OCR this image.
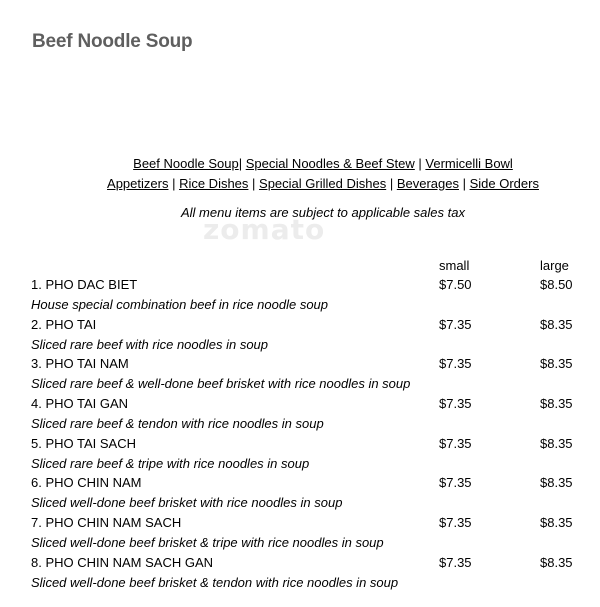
Beef Noodle Soup
Beef Noodle Soup| Special Noodles & Beef Stew | Vermicelli Bowl
Appetizers | Rice Dishes | Special Grilled Dishes | Beverages | Side Orders
zomato
All menu items are subject to applicable sales tax
small	large
1. PHO DAC BIET	$7.50	$8.50
House special combination beef in rice noodle soup
2. PHO TAI	$7.35	$8.35
Sliced rare beef with rice noodles in soup
3. PHO TAI NAM	$7.35	$8.35
Sliced rare beef & well-done beef brisket with rice noodles in soup
4. PHO TAI GAN	$7.35	$8.35
Sliced rare beef & tendon with rice noodles in soup
5. PHO TAI SACH	$7.35	$8.35
Sliced rare beef & tripe with rice noodles in soup
6. PHO CHIN NAM	$7.35	$8.35
Sliced well-done beef brisket with rice noodles in soup
7. PHO CHIN NAM SACH	$7.35	$8.35
Sliced well-done beef brisket & tripe with rice noodles in soup
8. PHO CHIN NAM SACH GAN	$7.35	$8.35
Sliced well-done beef brisket & tendon with rice noodles in soup
